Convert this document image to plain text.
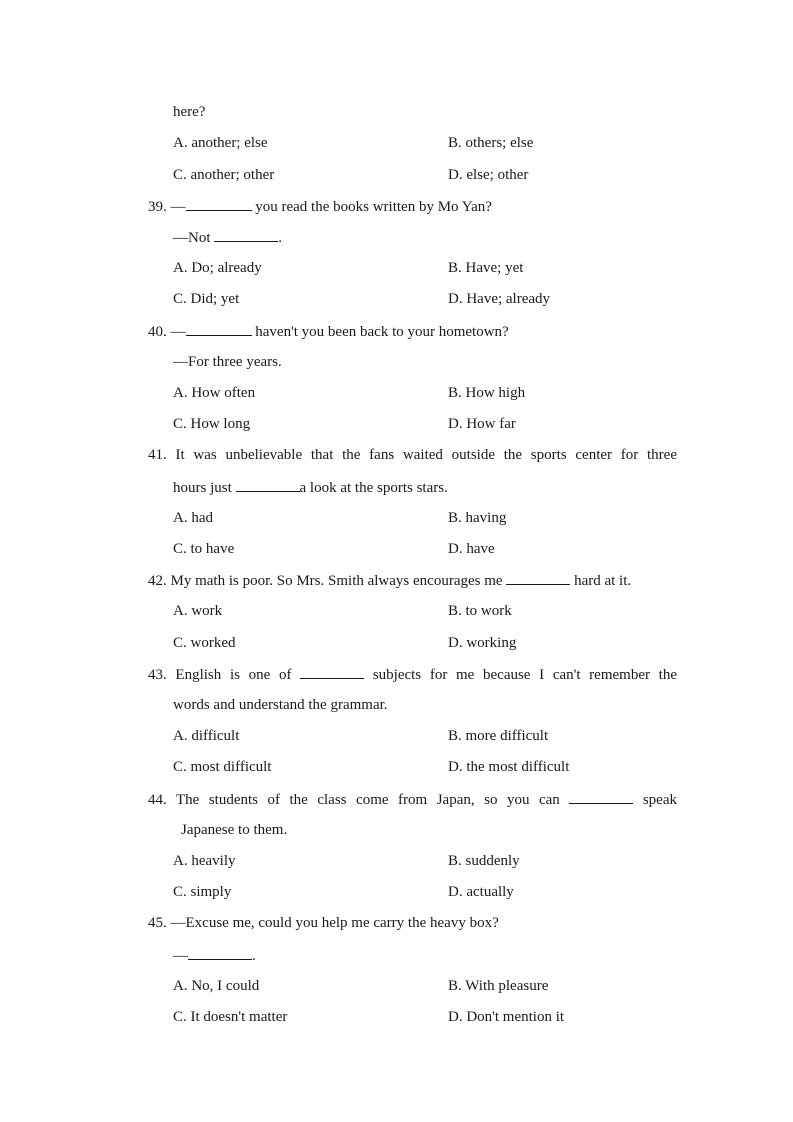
here?
A. another; else	B. others; else
C. another; other	D. else; other
39. —	you read the books written by Mo Yan?
—Not	.
A. Do; already	B. Have; yet
C. Did; yet	D. Have; already
40. —	haven't you been back to your hometown?
—For three years.
A. How often	B. How high
C. How long	D. How far
41. It was unbelievable that the fans waited outside the sports center for three
hours just	a look at the sports stars.
A. had	B. having
C. to have	D. have
42. My math is poor. So Mrs. Smith always encourages me	hard at it.
A. work	B. to work
C. worked	D. working
43. English is one of	subjects for me because I can't remember the
words and understand the grammar.
A. difficult	B. more difficult
C. most difficult	D. the most difficult
44. The students of the class come from Japan, so you can	speak
Japanese to them.
A. heavily	B. suddenly
C. simply	D. actually
45. —Excuse me, could you help me carry the heavy box?
—	.
A. No, I could	B. With pleasure
C. It doesn't matter	D. Don't mention it
